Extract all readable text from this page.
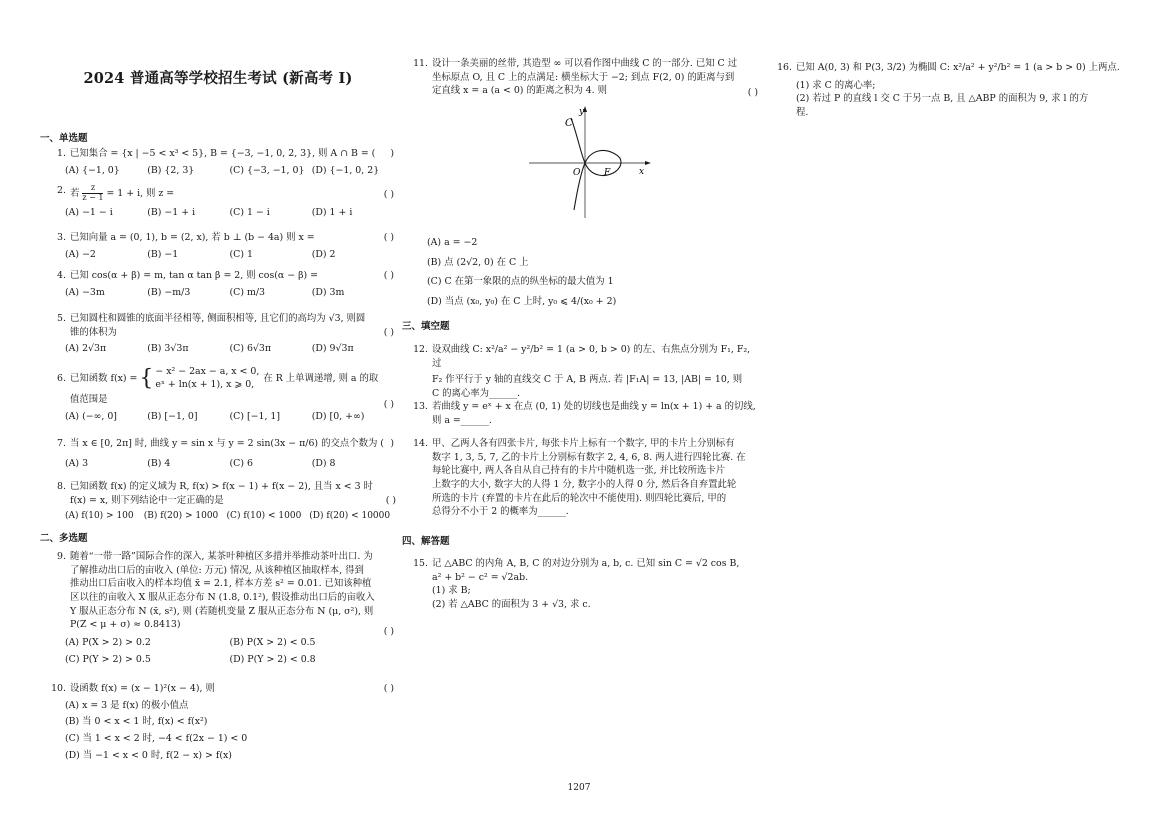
2024 普通高等学校招生考试 (新高考 I)
一、单选题
1. 已知集合 = {x | −5 < x³ < 5}, B = {−3, −1, 0, 2, 3}, 则 A ∩ B = (	)
(A) {−1, 0}	(B) {2, 3}	(C) {−3, −1, 0} (D) {−1, 0, 2}
2. 若 $\frac{z}{z - 1} = 1 + i$, 则 z =	( )
(A) −1 − i	(B) −1 + i	(C) 1 − i	(D) 1 + i
3. 已知向量 a = (0, 1), b = (2, x), 若 b ⊥ (b − 4a) 则 x =	( )
(A) −2	(B) −1	(C) 1	(D) 2
4. 已知 cos(α + β) = m, tan α tan β = 2, 则 cos(α − β) =	( )
(A) −3m	(B) −m/3	(C) m/3	(D) 3m
5. 已知圆柱和圆锥的底面半径相等, 侧面积相等, 且它们的高均为 √3, 则圆
锥的体积为	( )
(A) 2√3π	(B) 3√3π	(C) 6√3π	(D) 9√3π
6. 已知函数 f(x) = { − x² − 2ax − a, x < 0,
eˣ + ln(x + 1), x ⩾ 0,
在 R 上单调递增, 则 a 的取
值范围是	( )
(A) (−∞, 0]	(B) [−1, 0]	(C) [−1, 1]	(D) [0, +∞)
7. 当 x ∈ [0, 2π] 时, 曲线 y = sin x 与 y = 2 sin(3x − π/6) 的交点个数为 ( )
(A) 3	(B) 4	(C) 6	(D) 8
8. 已知函数 f(x) 的定义域为 R, f(x) > f(x − 1) + f(x − 2), 且当 x < 3 时
f(x) = x, 则下列结论中一定正确的是	( )
(A) f(10) > 100	(B) f(20) > 1000 (C) f(10) < 1000 (D) f(20) < 10000
二、多选题
9. 随着“一带一路”国际合作的深入, 某茶叶种植区多措并举推动茶叶出口. 为
了解推动出口后的亩收入 (单位: 万元) 情况, 从该种植区抽取样本, 得到
推动出口后亩收入的样本均值 x̄ = 2.1, 样本方差 s² = 0.01. 已知该种植
区以往的亩收入 X 服从正态分布 N (1.8, 0.1²), 假设推动出口后的亩收入
Y 服从正态分布 N (x̄, s²), 则 (若随机变量 Z 服从正态分布 N (μ, σ²), 则
P(Z < μ + σ) ≈ 0.8413)
( )
(A) P(X > 2) > 0.2	(B) P(X > 2) < 0.5
(C) P(Y > 2) > 0.5	(D) P(Y > 2) < 0.8
10. 设函数 f(x) = (x − 1)²(x − 4), 则	( )
(A) x = 3 是 f(x) 的极小值点
(B) 当 0 < x < 1 时, f(x) < f(x²)
(C) 当 1 < x < 2 时, −4 < f(2x − 1) < 0
(D) 当 −1 < x < 0 时, f(2 − x) > f(x)
11. 设计一条美丽的丝带, 其造型 ∞ 可以看作图中曲线 C 的一部分. 已知 C 过
坐标原点 O, 且 C 上的点满足: 横坐标大于 −2; 到点 F(2, 0) 的距离与到
定直线 x = a (a < 0) 的距离之积为 4. 则	( )
C
y
x
O	F
(A) a = −2
(B) 点 (2√2, 0) 在 C 上
(C) C 在第一象限的点的纵坐标的最大值为 1
(D) 当点 (x₀, y₀) 在 C 上时, y₀ ⩽ 4/(x₀ + 2)
三、填空题
12. 设双曲线 C: x²/a² − y²/b² = 1 (a > 0, b > 0) 的左、右焦点分别为 F₁, F₂, 过
F₂ 作平行于 y 轴的直线交 C 于 A, B 两点. 若 |F₁A| = 13, |AB| = 10, 则
C 的离心率为______.
13. 若曲线 y = eˣ + x 在点 (0, 1) 处的切线也是曲线 y = ln(x + 1) + a 的切线,
则 a =______.
14. 甲、乙两人各有四张卡片, 每张卡片上标有一个数字, 甲的卡片上分别标有
数字 1, 3, 5, 7, 乙的卡片上分别标有数字 2, 4, 6, 8. 两人进行四轮比赛. 在
每轮比赛中, 两人各自从自己持有的卡片中随机选一张, 并比较所选卡片
上数字的大小, 数字大的人得 1 分, 数字小的人得 0 分, 然后各自弃置此轮
所选的卡片 (弃置的卡片在此后的轮次中不能使用). 则四轮比赛后, 甲的
总得分不小于 2 的概率为______.
四、解答题
15. 记 △ABC 的内角 A, B, C 的对边分别为 a, b, c. 已知 sin C = √2 cos B,
a² + b² − c² = √2ab.
(1) 求 B;
(2) 若 △ABC 的面积为 3 + √3, 求 c.
16. 已知 A(0, 3) 和 P(3, 3/2) 为椭圆 C: x²/a² + y²/b² = 1 (a > b > 0) 上两点.
(1) 求 C 的离心率;
(2) 若过 P 的直线 l 交 C 于另一点 B, 且 △ABP 的面积为 9, 求 l 的方
程.
1207
